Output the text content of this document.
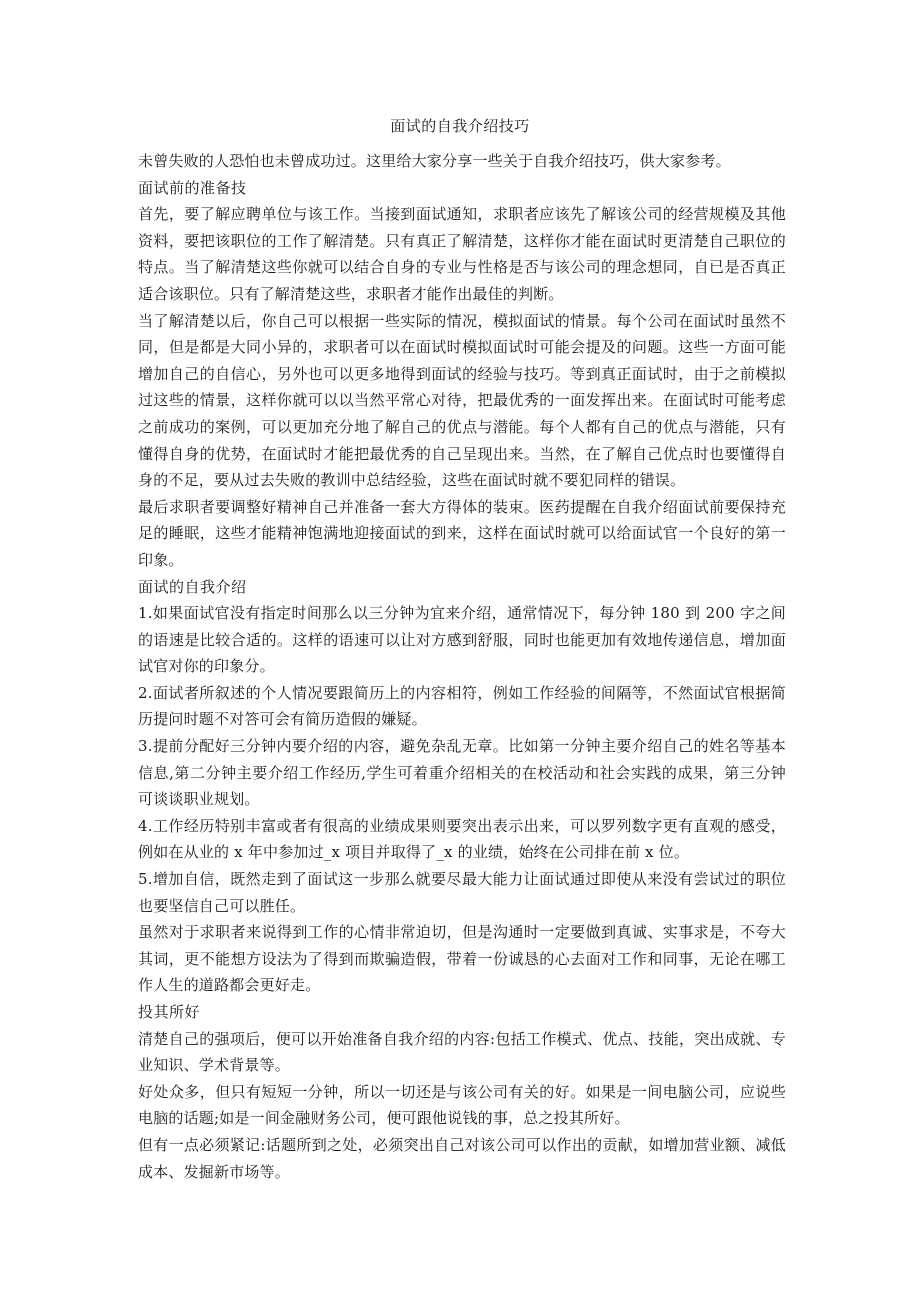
面试的自我介绍技巧

未曾失败的人恐怕也未曾成功过。这里给大家分享一些关于自我介绍技巧，供大家参考。

面试前的准备技

首先，要了解应聘单位与该工作。当接到面试通知，求职者应该先了解该公司的经营规模及其他资料，要把该职位的工作了解清楚。只有真正了解清楚，这样你才能在面试时更清楚自己职位的特点。当了解清楚这些你就可以结合自身的专业与性格是否与该公司的理念想同，自已是否真正适合该职位。只有了解清楚这些，求职者才能作出最佳的判断。

当了解清楚以后，你自己可以根据一些实际的情况，模拟面试的情景。每个公司在面试时虽然不同，但是都是大同小异的，求职者可以在面试时模拟面试时可能会提及的问题。这些一方面可能增加自己的自信心，另外也可以更多地得到面试的经验与技巧。等到真正面试时，由于之前模拟过这些的情景，这样你就可以以当然平常心对待，把最优秀的一面发挥出来。在面试时可能考虑之前成功的案例，可以更加充分地了解自己的优点与潜能。每个人都有自己的优点与潜能，只有懂得自身的优势，在面试时才能把最优秀的自己呈现出来。当然，在了解自己优点时也要懂得自身的不足，要从过去失败的教训中总结经验，这些在面试时就不要犯同样的错误。

最后求职者要调整好精神自己并准备一套大方得体的装束。医药提醒在自我介绍面试前要保持充足的睡眠，这些才能精神饱满地迎接面试的到来，这样在面试时就可以给面试官一个良好的第一印象。

面试的自我介绍

1.如果面试官没有指定时间那么以三分钟为宜来介绍，通常情况下，每分钟 180 到 200 字之间的语速是比较合适的。这样的语速可以让对方感到舒服，同时也能更加有效地传递信息，增加面试官对你的印象分。

2.面试者所叙述的个人情况要跟简历上的内容相符，例如工作经验的间隔等，不然面试官根据简历提问时题不对答可会有简历造假的嫌疑。

3.提前分配好三分钟内要介绍的内容，避免杂乱无章。比如第一分钟主要介绍自己的姓名等基本信息,第二分钟主要介绍工作经历,学生可着重介绍相关的在校活动和社会实践的成果，第三分钟可谈谈职业规划。

4.工作经历特别丰富或者有很高的业绩成果则要突出表示出来，可以罗列数字更有直观的感受，例如在从业的 x 年中参加过_x 项目并取得了_x 的业绩，始终在公司排在前 x 位。

5.增加自信，既然走到了面试这一步那么就要尽最大能力让面试通过即使从来没有尝试过的职位也要坚信自己可以胜任。

虽然对于求职者来说得到工作的心情非常迫切，但是沟通时一定要做到真诚、实事求是，不夸大其词，更不能想方设法为了得到而欺骗造假，带着一份诚恳的心去面对工作和同事，无论在哪工作人生的道路都会更好走。

投其所好

清楚自己的强项后，便可以开始准备自我介绍的内容:包括工作模式、优点、技能，突出成就、专业知识、学术背景等。

好处众多，但只有短短一分钟，所以一切还是与该公司有关的好。如果是一间电脑公司，应说些电脑的话题;如是一间金融财务公司，便可跟他说钱的事，总之投其所好。

但有一点必须紧记:话题所到之处，必须突出自己对该公司可以作出的贡献，如增加营业额、减低成本、发掘新市场等。
